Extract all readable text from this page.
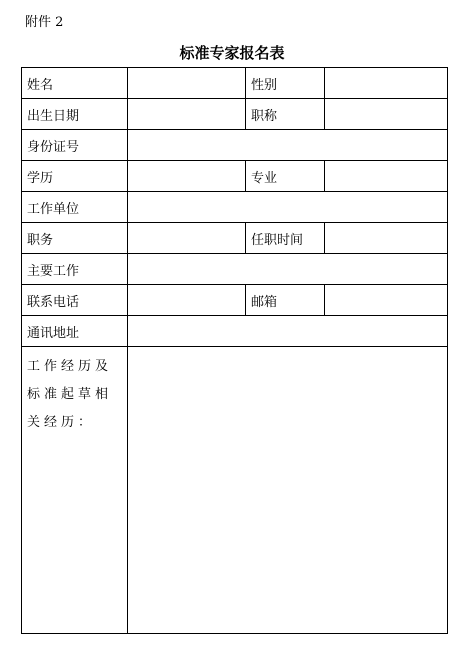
附件 2
标准专家报名表
姓名		性别	
出生日期		职称	
身份证号			
学历		专业	
工作单位			
职务		任职时间	
主要工作			
联系电话		邮箱	
通讯地址			
工作经历及标准起草相关经历：			
